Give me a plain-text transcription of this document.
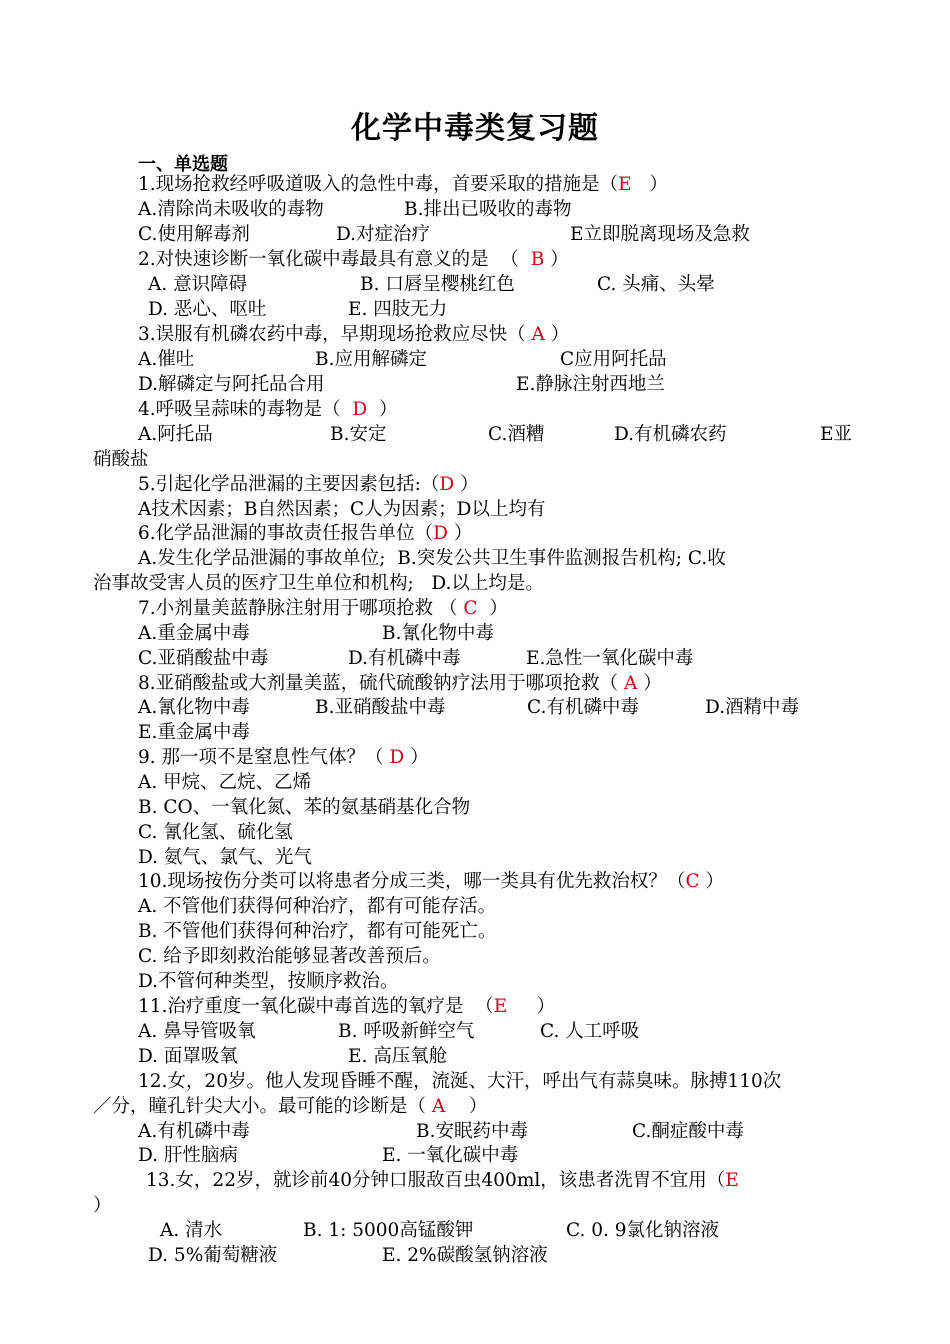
化学中毒类复习题
一、单选题
1.现场抢救经呼吸道吸入的急性中毒，首要采取的措施是（E   ）
A.清除尚未吸收的毒物	B.排出已吸收的毒物
C.使用解毒剂	D.对症治疗	E立即脱离现场及急救
2.对快速诊断一氧化碳中毒最具有意义的是  （  B ）
A. 意识障碍	B. 口唇呈樱桃红色	C. 头痛、头晕
D. 恶心、呕吐	E. 四肢无力
3.误服有机磷农药中毒，早期现场抢救应尽快（ A ）
A.催吐	B.应用解磷定	C应用阿托品
D.解磷定与阿托品合用	E.静脉注射西地兰
4.呼吸呈蒜味的毒物是（  D  ）
A.阿托品	B.安定	C.酒糟	D.有机磷农药	E亚
硝酸盐
5.引起化学品泄漏的主要因素包括:（D ）
A技术因素；B自然因素；C人为因素；D以上均有
6.化学品泄漏的事故责任报告单位（D ）
A.发生化学品泄漏的事故单位;  B.突发公共卫生事件监测报告机构; C.收
治事故受害人员的医疗卫生单位和机构;   D.以上均是。
7.小剂量美蓝静脉注射用于哪项抢救 （ C  ）
A.重金属中毒	B.氰化物中毒
C.亚硝酸盐中毒	D.有机磷中毒	E.急性一氧化碳中毒
8.亚硝酸盐或大剂量美蓝，硫代硫酸钠疗法用于哪项抢救（ A ）
A.氰化物中毒	B.亚硝酸盐中毒	C.有机磷中毒	D.酒精中毒
E.重金属中毒
9. 那一项不是窒息性气体？（ D ）
A. 甲烷、乙烷、乙烯
B. CO、一氧化氮、苯的氨基硝基化合物
C. 氰化氢、硫化氢
D. 氨气、氯气、光气
10.现场按伤分类可以将患者分成三类，哪一类具有优先救治权？（C ）
A. 不管他们获得何种治疗，都有可能存活。
B. 不管他们获得何种治疗，都有可能死亡。
C. 给予即刻救治能够显著改善预后。
D.不管何种类型，按顺序救治。
11.治疗重度一氧化碳中毒首选的氧疗是  （E     ）
A. 鼻导管吸氧	B. 呼吸新鲜空气	C. 人工呼吸
D. 面罩吸氧	E. 高压氧舱
12.女，20岁。他人发现昏睡不醒，流涎、大汗，呼出气有蒜臭味。脉搏110次
／分，瞳孔针尖大小。最可能的诊断是（ A    ）
A.有机磷中毒	B.安眠药中毒	C.酮症酸中毒
D. 肝性脑病	E. 一氧化碳中毒
13.女，22岁，就诊前40分钟口服敌百虫400ml，该患者洗胃不宜用（E
）
A. 清水	B. 1: 5000高锰酸钾	C. 0. 9氯化钠溶液
D. 5%葡萄糖液	E. 2%碳酸氢钠溶液
